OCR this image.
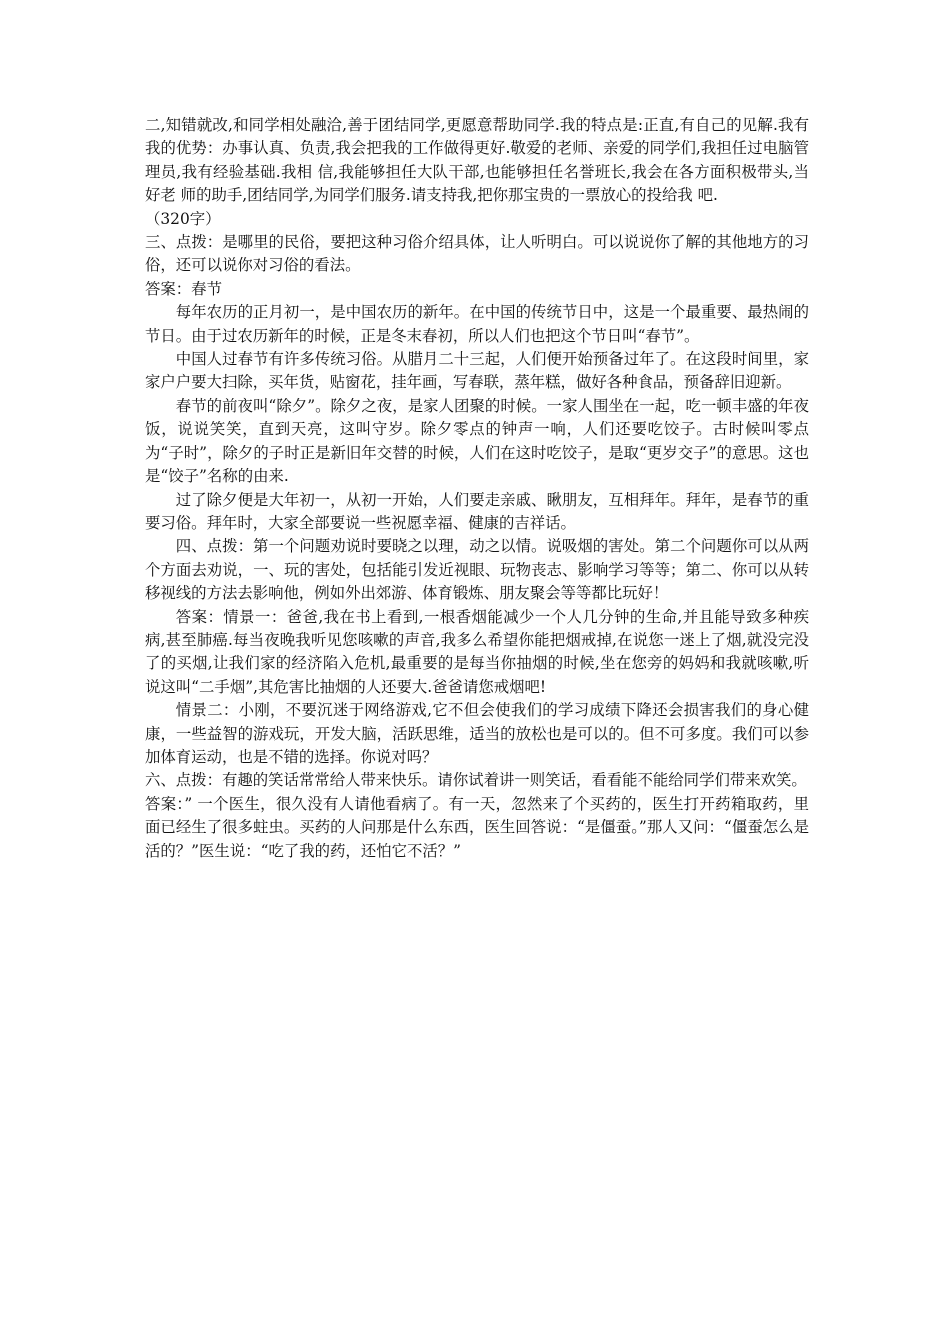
二,知错就改,和同学相处融洽,善于团结同学,更愿意帮助同学.我的特点是:正直,有自己的见解.我有我的优势：办事认真、负责,我会把我的工作做得更好.敬爱的老师、亲爱的同学们,我担任过电脑管理员,我有经验基础.我相 信,我能够担任大队干部,也能够担任名誉班长,我会在各方面积极带头,当好老 师的助手,团结同学,为同学们服务.请支持我,把你那宝贵的一票放心的投给我 吧.

（320字）

三、点拨：是哪里的民俗，要把这种习俗介绍具体，让人听明白。可以说说你了解的其他地方的习俗，还可以说你对习俗的看法。

答案：春节

每年农历的正月初一，是中国农历的新年。在中国的传统节日中，这是一个最重要、最热闹的节日。由于过农历新年的时候，正是冬末春初，所以人们也把这个节日叫“春节”。

中国人过春节有许多传统习俗。从腊月二十三起，人们便开始预备过年了。在这段时间里，家家户户要大扫除，买年货，贴窗花，挂年画，写春联，蒸年糕，做好各种食品，预备辞旧迎新。

春节的前夜叫“除夕”。除夕之夜，是家人团聚的时候。一家人围坐在一起，吃一顿丰盛的年夜饭，说说笑笑，直到天亮，这叫守岁。除夕零点的钟声一响，人们还要吃饺子。古时候叫零点为“子时”，除夕的子时正是新旧年交替的时候，人们在这时吃饺子，是取“更岁交子”的意思。这也是“饺子”名称的由来.

过了除夕便是大年初一，从初一开始，人们要走亲戚、瞅朋友，互相拜年。拜年，是春节的重要习俗。拜年时，大家全部要说一些祝愿幸福、健康的吉祥话。

四、点拨：第一个问题劝说时要晓之以理，动之以情。说吸烟的害处。第二个问题你可以从两个方面去劝说，一、玩的害处，包括能引发近视眼、玩物丧志、影响学习等等；第二、你可以从转移视线的方法去影响他，例如外出郊游、体育锻炼、朋友聚会等等都比玩好！

答案：情景一：爸爸,我在书上看到,一根香烟能减少一个人几分钟的生命,并且能导致多种疾病,甚至肺癌.每当夜晚我听见您咳嗽的声音,我多么希望你能把烟戒掉,在说您一迷上了烟,就没完没了的买烟,让我们家的经济陷入危机,最重要的是每当你抽烟的时候,坐在您旁的妈妈和我就咳嗽,听说这叫“二手烟”,其危害比抽烟的人还要大.爸爸请您戒烟吧!

情景二：小刚，不要沉迷于网络游戏,它不但会使我们的学习成绩下降还会损害我们的身心健康，一些益智的游戏玩，开发大脑，活跃思维，适当的放松也是可以的。但不可多度。我们可以参加体育运动，也是不错的选择。你说对吗？

六、点拨：有趣的笑话常常给人带来快乐。请你试着讲一则笑话，看看能不能给同学们带来欢笑。

答案：” 一个医生，很久没有人请他看病了。有一天，忽然来了个买药的，医生打开药箱取药，里面已经生了很多蛀虫。买药的人问那是什么东西，医生回答说：“是僵蚕。”那人又问：“僵蚕怎么是活的？”医生说：“吃了我的药，还怕它不活？”
